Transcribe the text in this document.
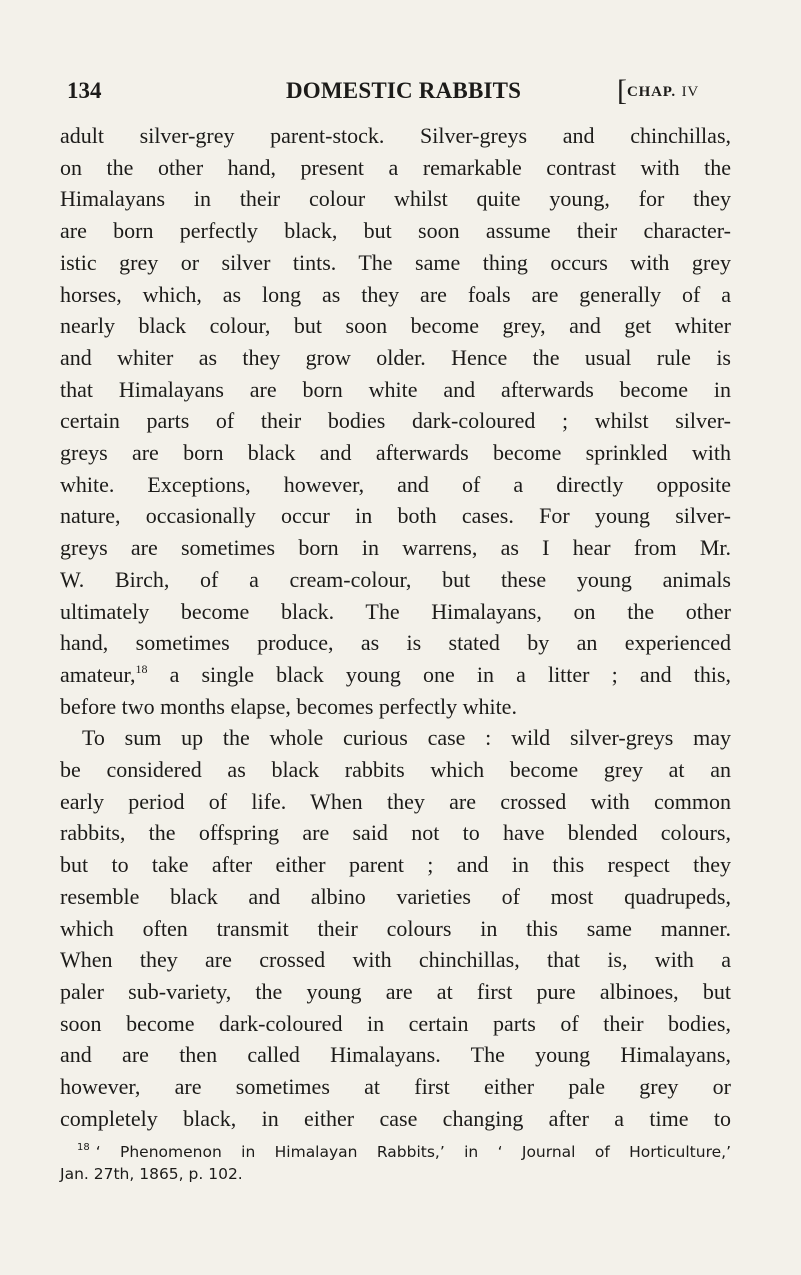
134	DOMESTIC RABBITS	[CHAP. IV
adult silver-grey parent-stock. Silver-greys and chinchillas,
on the other hand, present a remarkable contrast with the
Himalayans in their colour whilst quite young, for they
are born perfectly black, but soon assume their character-
istic grey or silver tints. The same thing occurs with grey
horses, which, as long as they are foals are generally of a
nearly black colour, but soon become grey, and get whiter
and whiter as they grow older. Hence the usual rule is
that Himalayans are born white and afterwards become in
certain parts of their bodies dark-coloured ; whilst silver-
greys are born black and afterwards become sprinkled with
white. Exceptions, however, and of a directly opposite
nature, occasionally occur in both cases. For young silver-
greys are sometimes born in warrens, as I hear from Mr.
W. Birch, of a cream-colour, but these young animals
ultimately become black. The Himalayans, on the other
hand, sometimes produce, as is stated by an experienced
amateur,$^{18}$ a single black young one in a litter ; and this,
before two months elapse, becomes perfectly white.
To sum up the whole curious case : wild silver-greys may
be considered as black rabbits which become grey at an
early period of life. When they are crossed with common
rabbits, the offspring are said not to have blended colours,
but to take after either parent ; and in this respect they
resemble black and albino varieties of most quadrupeds,
which often transmit their colours in this same manner.
When they are crossed with chinchillas, that is, with a
paler sub-variety, the young are at first pure albinoes, but
soon become dark-coloured in certain parts of their bodies,
and are then called Himalayans. The young Himalayans,
however, are sometimes at first either pale grey or
completely black, in either case changing after a time to
$^{18}$ ‘ Phenomenon in Himalayan Rabbits,’ in ‘ Journal of Horticulture,’
Jan. 27th, 1865, p. 102.
